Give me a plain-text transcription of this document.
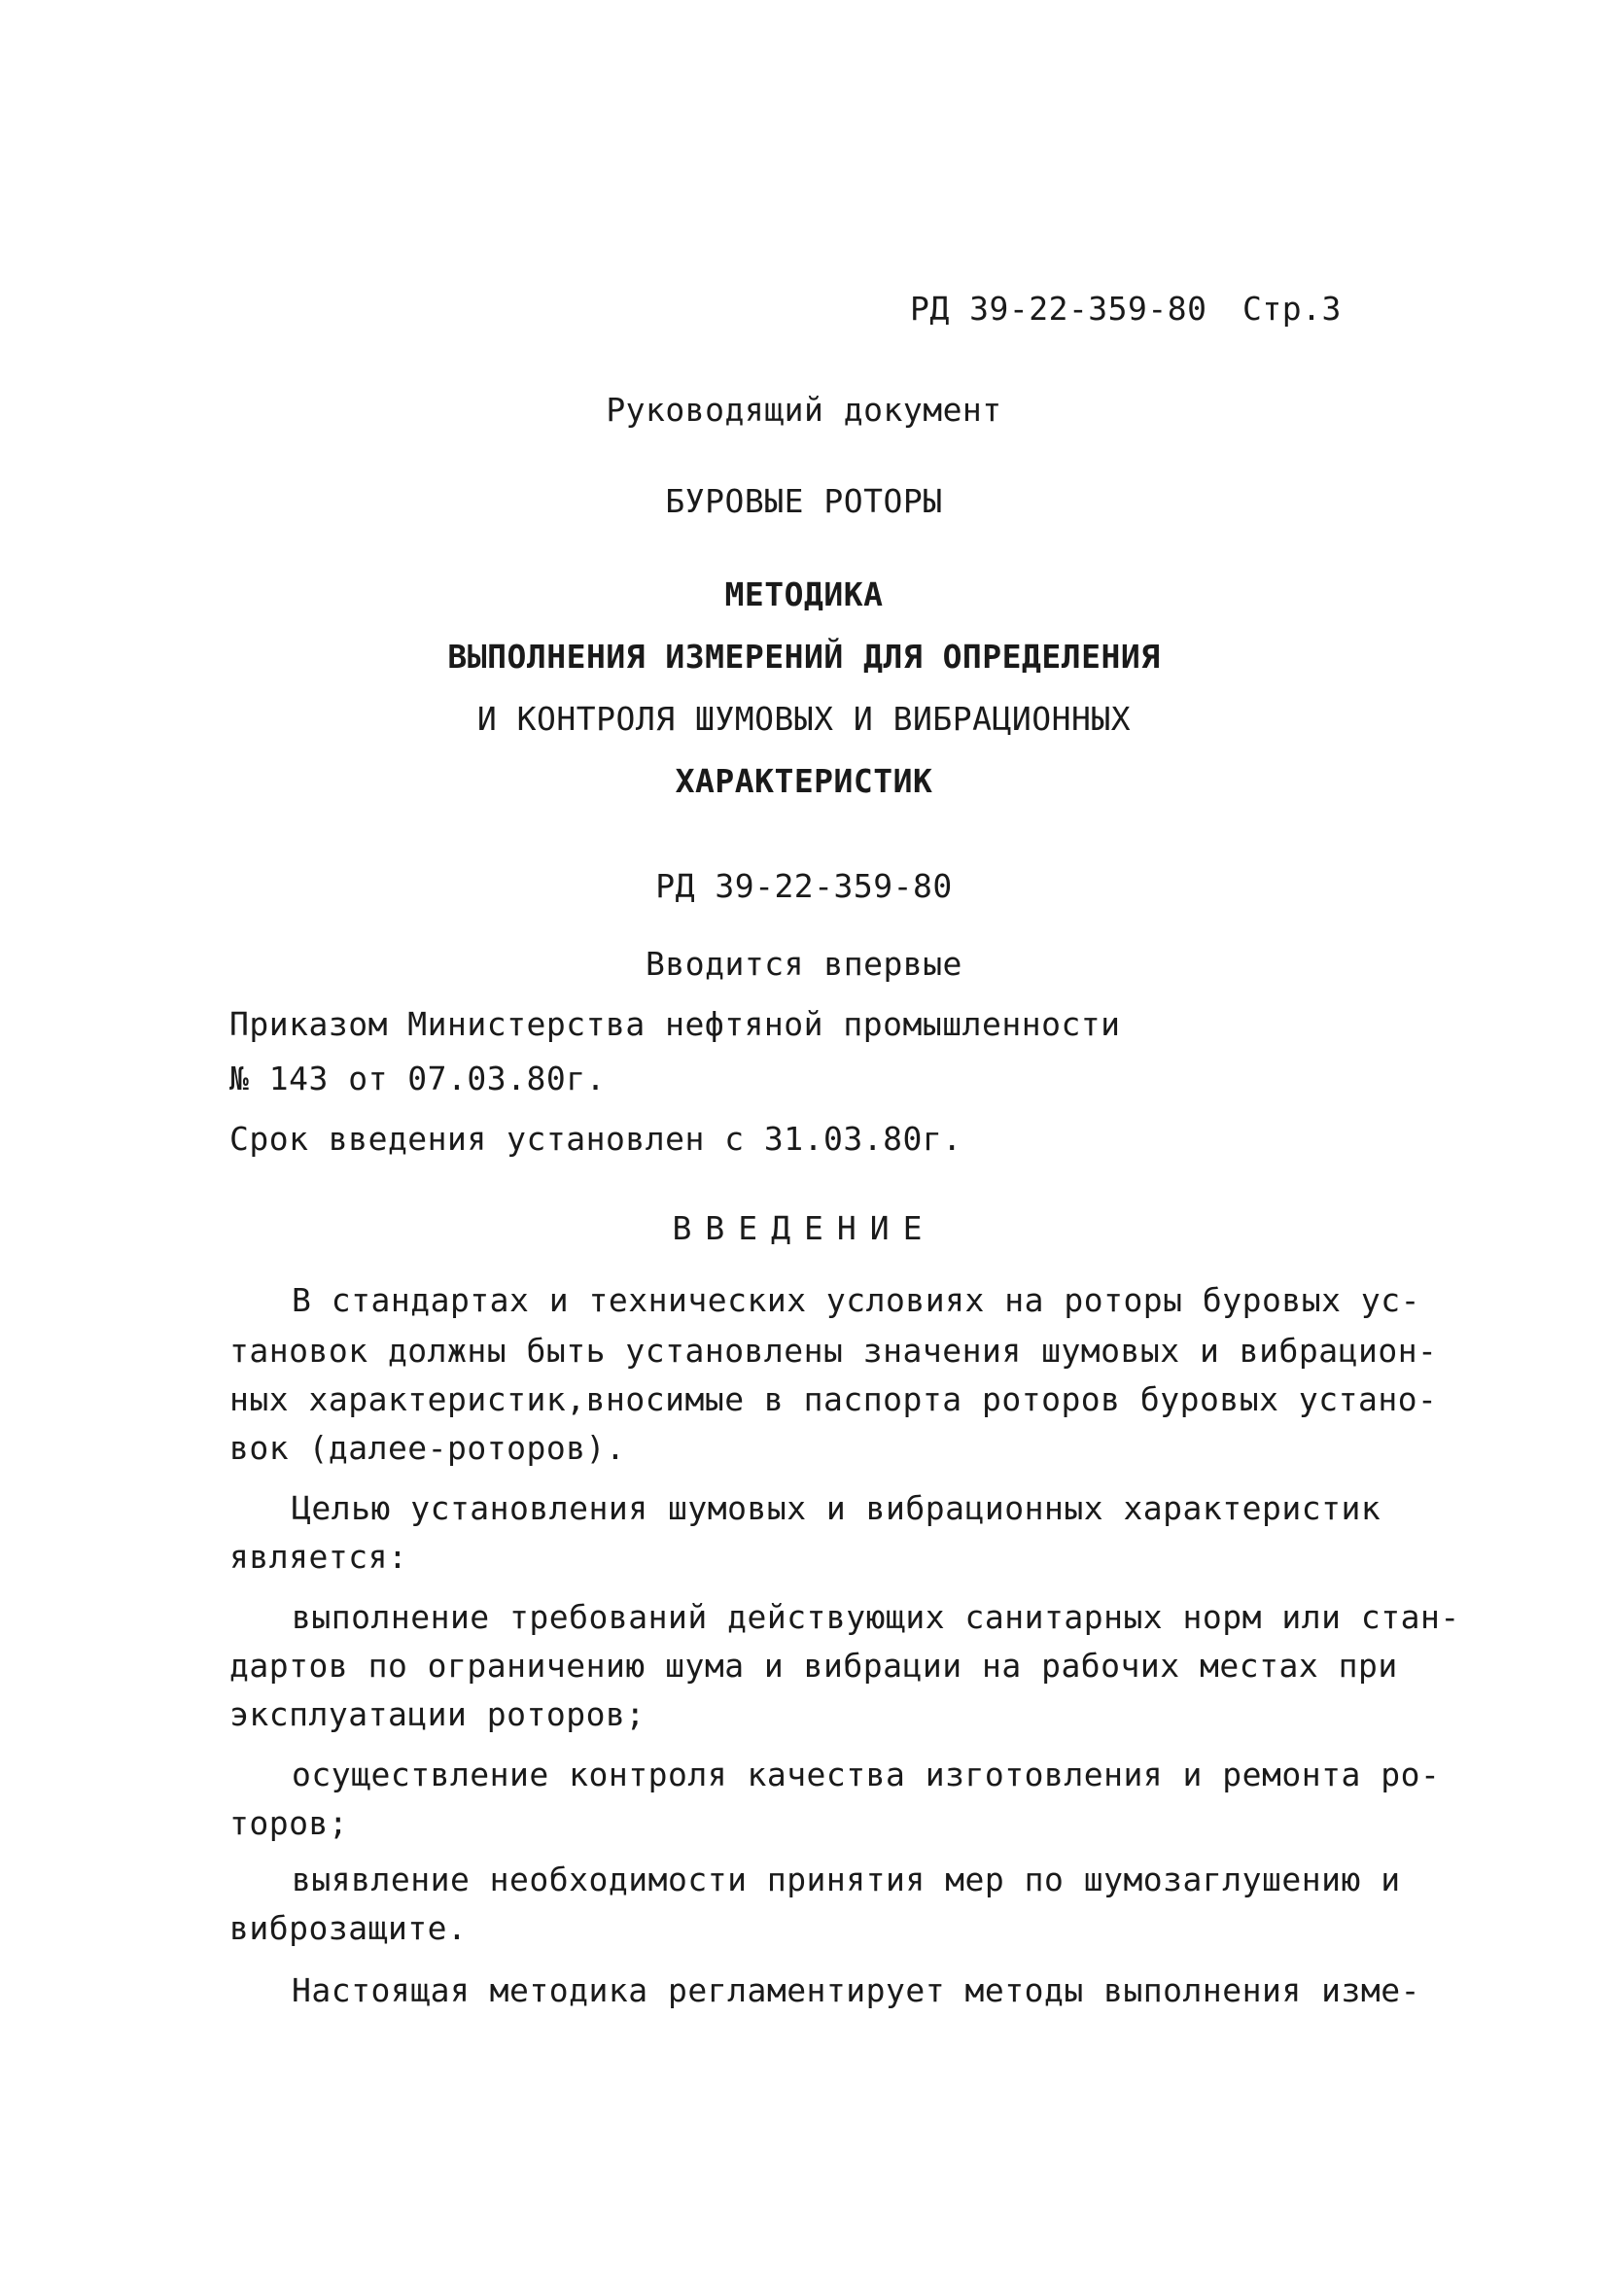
РД 39-22-359-80 Стр.3
Руководящий документ
БУРОВЫЕ РОТОРЫ
МЕТОДИКА
ВЫПОЛНЕНИЯ ИЗМЕРЕНИЙ ДЛЯ ОПРЕДЕЛЕНИЯ
И КОНТРОЛЯ ШУМОВЫХ И ВИБРАЦИОННЫХ
ХАРАКТЕРИСТИК
РД 39-22-359-80
Вводится впервые
Приказом Министерства нефтяной промышленности
№ 143 от 07.03.80г.
Срок введения установлен с 31.03.80г.
ВВЕДЕНИЕ
В стандартах и технических условиях на роторы буровых ус-
тановок должны быть установлены значения шумовых и вибрацион-
ных характеристик,вносимые в паспорта роторов буровых устано-
вок (далее-роторов).
Целью установления шумовых и вибрационных характеристик
является:
выполнение требований действующих санитарных норм или стан-
дартов по ограничению шума и вибрации на рабочих местах при
эксплуатации роторов;
осуществление контроля качества изготовления и ремонта ро-
торов;
выявление необходимости принятия мер по шумозаглушению и
виброзащите.
Настоящая методика регламентирует методы выполнения изме-
